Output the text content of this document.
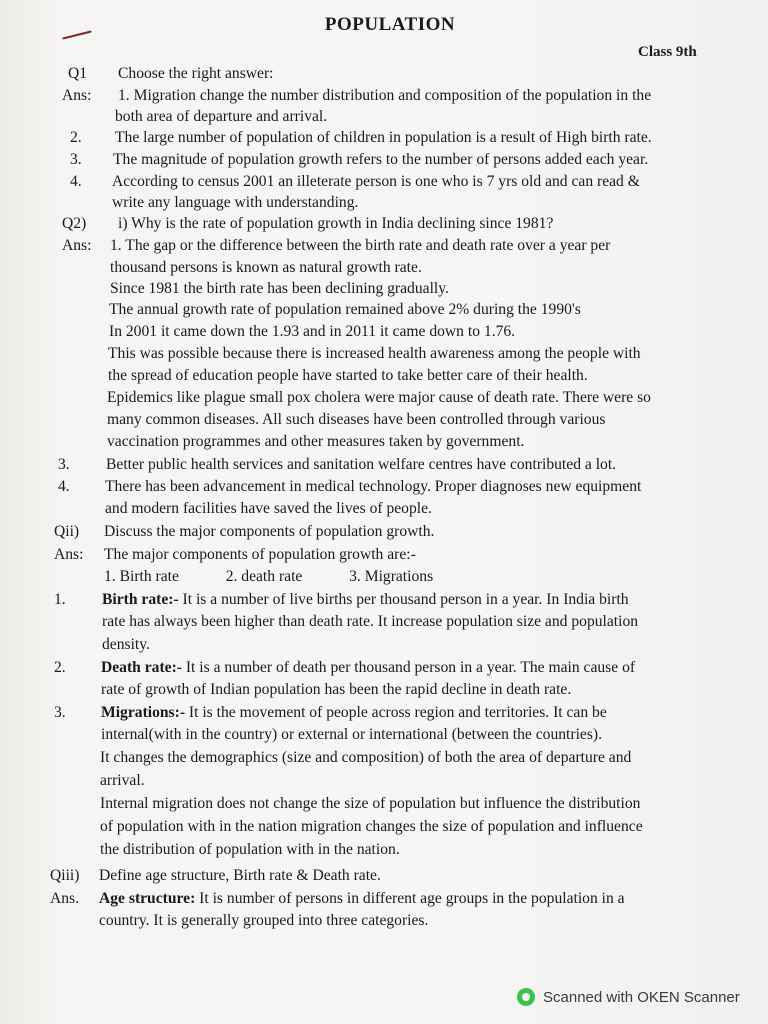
POPULATION
Class 9th
Q1 Choose the right answer:
Ans: 1. Migration change the number distribution and composition of the population in the
both area of departure and arrival.
2. The large number of population of children in population is a result of High birth rate.
3. The magnitude of population growth refers to the number of persons added each year.
4. According to census 2001 an illeterate person is one who is 7 yrs old and can read &
write any language with understanding.
Q2) i) Why is the rate of population growth in India declining since 1981?
Ans: 1. The gap or the difference between the birth rate and death rate over a year per
thousand persons is known as natural growth rate.
Since 1981 the birth rate has been declining gradually.
The annual growth rate of population remained above 2% during the 1990's
In 2001 it came down the 1.93 and in 2011 it came down to 1.76.
This was possible because there is increased health awareness among the people with
the spread of education people have started to take better care of their health.
Epidemics like plague small pox cholera were major cause of death rate. There were so
many common diseases. All such diseases have been controlled through various
vaccination programmes and other measures taken by government.
3. Better public health services and sanitation welfare centres have contributed a lot.
4. There has been advancement in medical technology. Proper diagnoses new equipment
and modern facilities have saved the lives of people.
Qii) Discuss the major components of population growth.
Ans: The major components of population growth are:-
1. Birth rate            2. death rate            3. Migrations
1. Birth rate:- It is a number of live births per thousand person in a year. In India birth
rate has always been higher than death rate. It increase population size and population
density.
2. Death rate:- It is a number of death per thousand person in a year. The main cause of
rate of growth of Indian population has been the rapid decline in death rate.
3. Migrations:- It is the movement of people across region and territories. It can be
internal(with in the country) or external or international (between the countries).
It changes the demographics (size and composition) of both the area of departure and
arrival.
Internal migration does not change the size of population but influence the distribution
of population with in the nation migration changes the size of population and influence
the distribution of population with in the nation.
Qiii) Define age structure, Birth rate & Death rate.
Ans. Age structure: It is number of persons in different age groups in the population in a
country. It is generally grouped into three categories.
Scanned with OKEN Scanner
